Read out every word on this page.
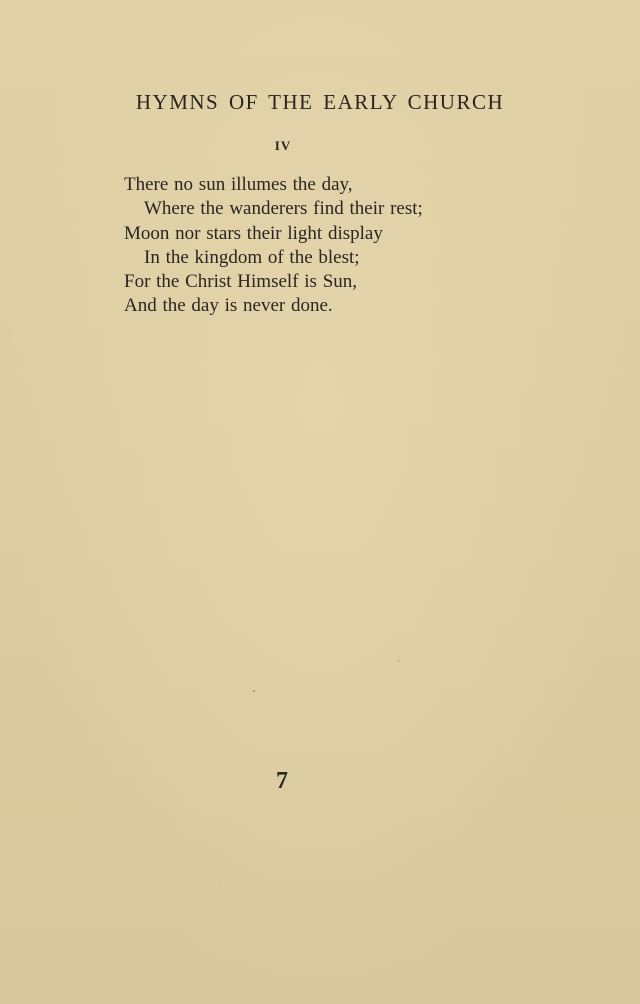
HYMNS OF THE EARLY CHURCH
IV
There no sun illumes the day,
Where the wanderers find their rest;
Moon nor stars their light display
In the kingdom of the blest;
For the Christ Himself is Sun,
And the day is never done.
7
